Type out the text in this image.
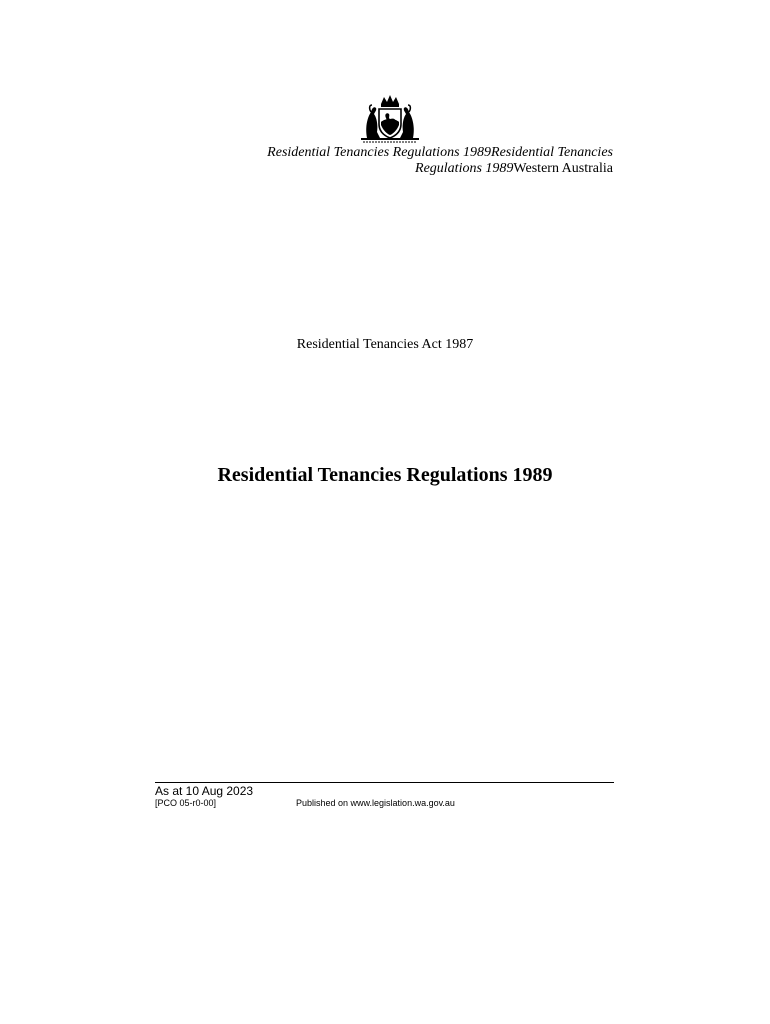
Residential Tenancies Regulations 1989Residential Tenancies
Regulations 1989Western Australia
Residential Tenancies Act 1987
Residential Tenancies Regulations 1989
As at 10 Aug 2023
[PCO 05-r0-00]	Published on www.legislation.wa.gov.au
